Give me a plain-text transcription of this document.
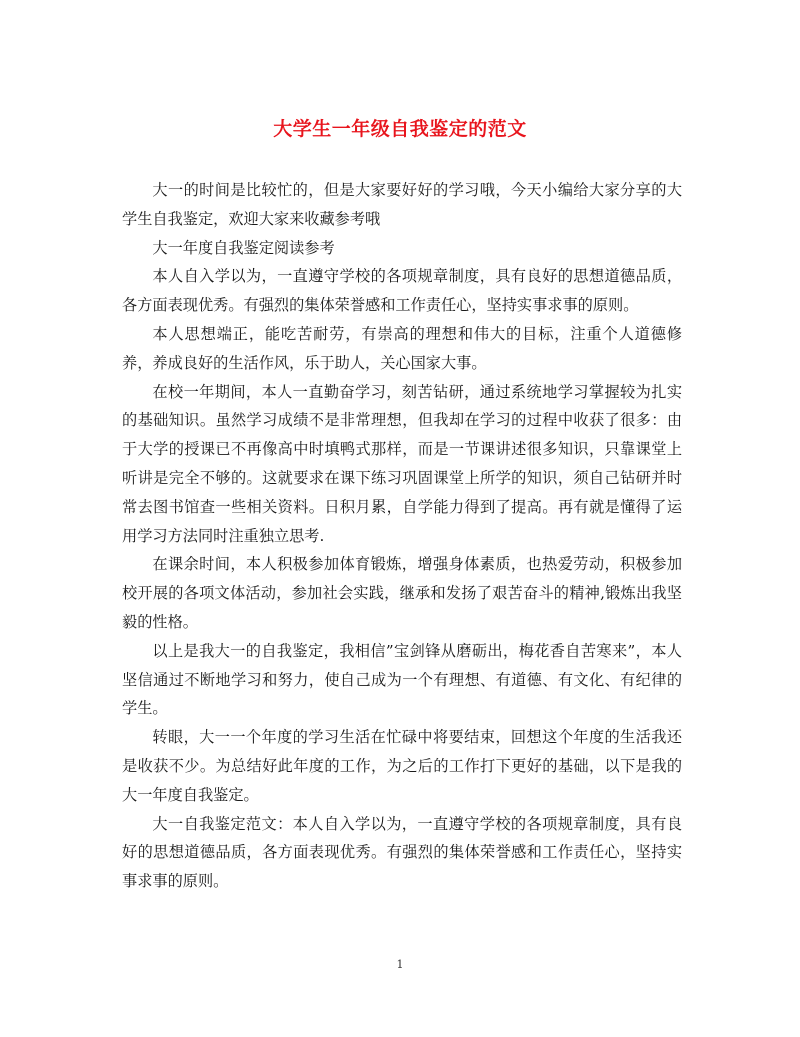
大学生一年级自我鉴定的范文

大一的时间是比较忙的，但是大家要好好的学习哦，今天小编给大家分享的大学生自我鉴定，欢迎大家来收藏参考哦

大一年度自我鉴定阅读参考

本人自入学以为，一直遵守学校的各项规章制度，具有良好的思想道德品质，各方面表现优秀。有强烈的集体荣誉感和工作责任心，坚持实事求事的原则。

本人思想端正，能吃苦耐劳，有崇高的理想和伟大的目标，注重个人道德修养，养成良好的生活作风，乐于助人，关心国家大事。

在校一年期间，本人一直勤奋学习，刻苦钻研，通过系统地学习掌握较为扎实的基础知识。虽然学习成绩不是非常理想，但我却在学习的过程中收获了很多：由于大学的授课已不再像高中时填鸭式那样，而是一节课讲述很多知识，只靠课堂上听讲是完全不够的。这就要求在课下练习巩固课堂上所学的知识，须自己钻研并时常去图书馆查一些相关资料。日积月累，自学能力得到了提高。再有就是懂得了运用学习方法同时注重独立思考.

在课余时间，本人积极参加体育锻炼，增强身体素质，也热爱劳动，积极参加校开展的各项文体活动，参加社会实践，继承和发扬了艰苦奋斗的精神,锻炼出我坚毅的性格。

以上是我大一的自我鉴定，我相信”宝剑锋从磨砺出，梅花香自苦寒来”，本人坚信通过不断地学习和努力，使自己成为一个有理想、有道德、有文化、有纪律的学生。

转眼，大一一个年度的学习生活在忙碌中将要结束，回想这个年度的生活我还是收获不少。为总结好此年度的工作，为之后的工作打下更好的基础，以下是我的大一年度自我鉴定。

大一自我鉴定范文：本人自入学以为，一直遵守学校的各项规章制度，具有良好的思想道德品质，各方面表现优秀。有强烈的集体荣誉感和工作责任心，坚持实事求事的原则。

1
